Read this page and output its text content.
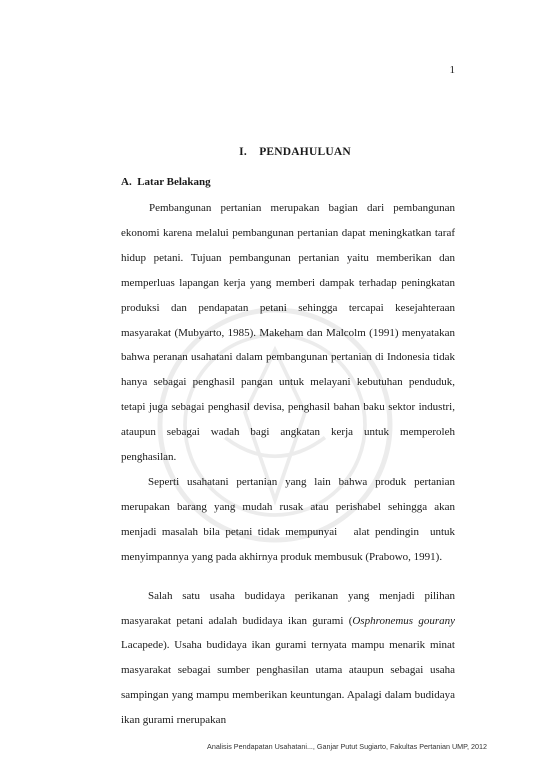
1
I.    PENDAHULUAN
A.  Latar Belakang

Pembangunan pertanian merupakan bagian dari pembangunan ekonomi karena melalui pembangunan pertanian dapat meningkatkan taraf hidup petani. Tujuan pembangunan pertanian yaitu memberikan dan memperluas lapangan kerja yang memberi dampak terhadap peningkatan produksi dan pendapatan petani sehingga tercapai kesejahteraan masyarakat (Mubyarto, 1985). Makeham dan Malcolm (1991) menyatakan bahwa peranan usahatani dalam pembangunan pertanian di Indonesia tidak hanya sebagai penghasil pangan untuk melayani kebutuhan penduduk, tetapi juga sebagai penghasil devisa, penghasil bahan baku sektor industri, ataupun sebagai wadah bagi angkatan kerja untuk memperoleh penghasilan.

Seperti usahatani pertanian yang lain bahwa produk pertanian merupakan barang yang mudah rusak atau perishabel sehingga akan menjadi masalah bila petani tidak mempunyai   alat pendingin  untuk menyimpannya yang pada akhirnya produk membusuk (Prabowo, 1991).

Salah satu usaha budidaya perikanan yang menjadi pilihan masyarakat petani adalah budidaya ikan gurami (Osphronemus gourany Lacapede). Usaha budidaya ikan gurami ternyata mampu menarik minat masyarakat sebagai sumber penghasilan utama ataupun sebagai usaha sampingan yang mampu memberikan keuntungan. Apalagi dalam budidaya ikan gurami rnerupakan

Analisis Pendapatan Usahatani..., Ganjar Putut Sugiarto, Fakultas Pertanian UMP, 2012
